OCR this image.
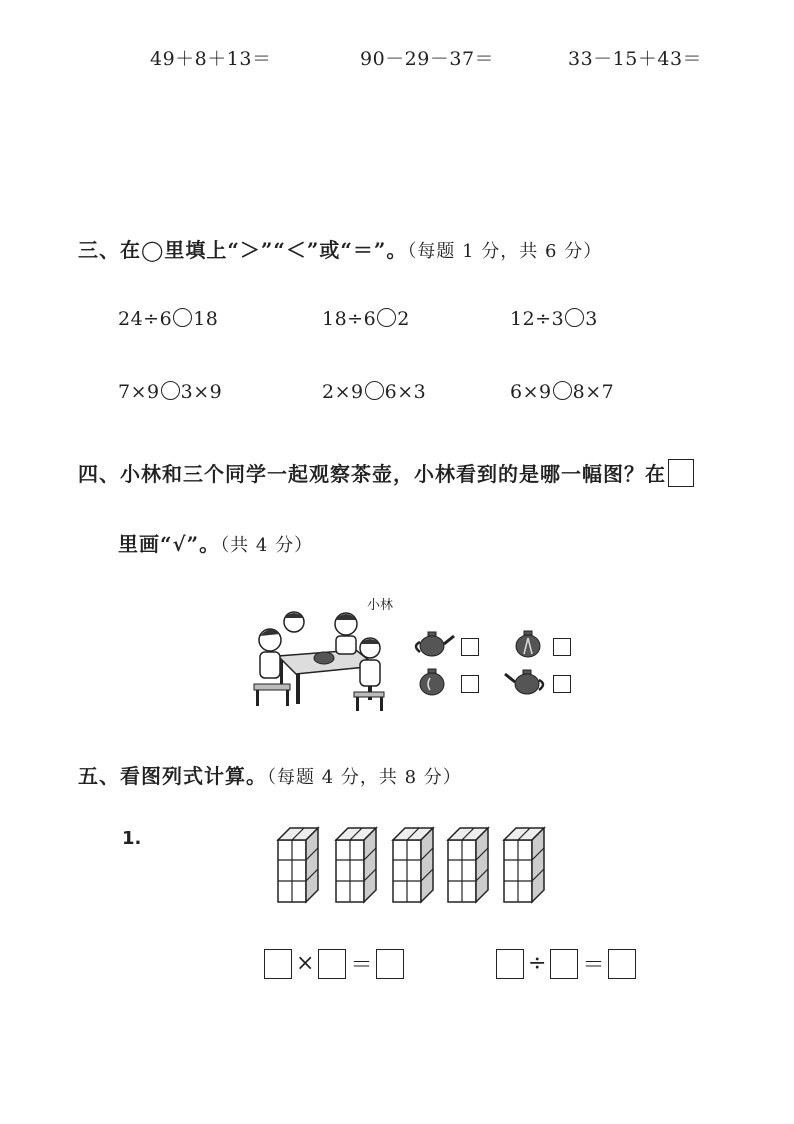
49＋8＋13＝	90－29－37＝	33－15＋43＝
三、在◯里填上“＞”“＜”或“＝”。（每题 1 分，共 6 分）
24÷6 18	18÷6 2	12÷3 3
7×9 3×9	2×9 6×3	6×9 8×7
四、小林和三个同学一起观察茶壶，小林看到的是哪一幅图？在
里画“√”。（共 4 分）
小林
五、看图列式计算。（每题 4 分，共 8 分）
1.
× ＝	÷ ＝
